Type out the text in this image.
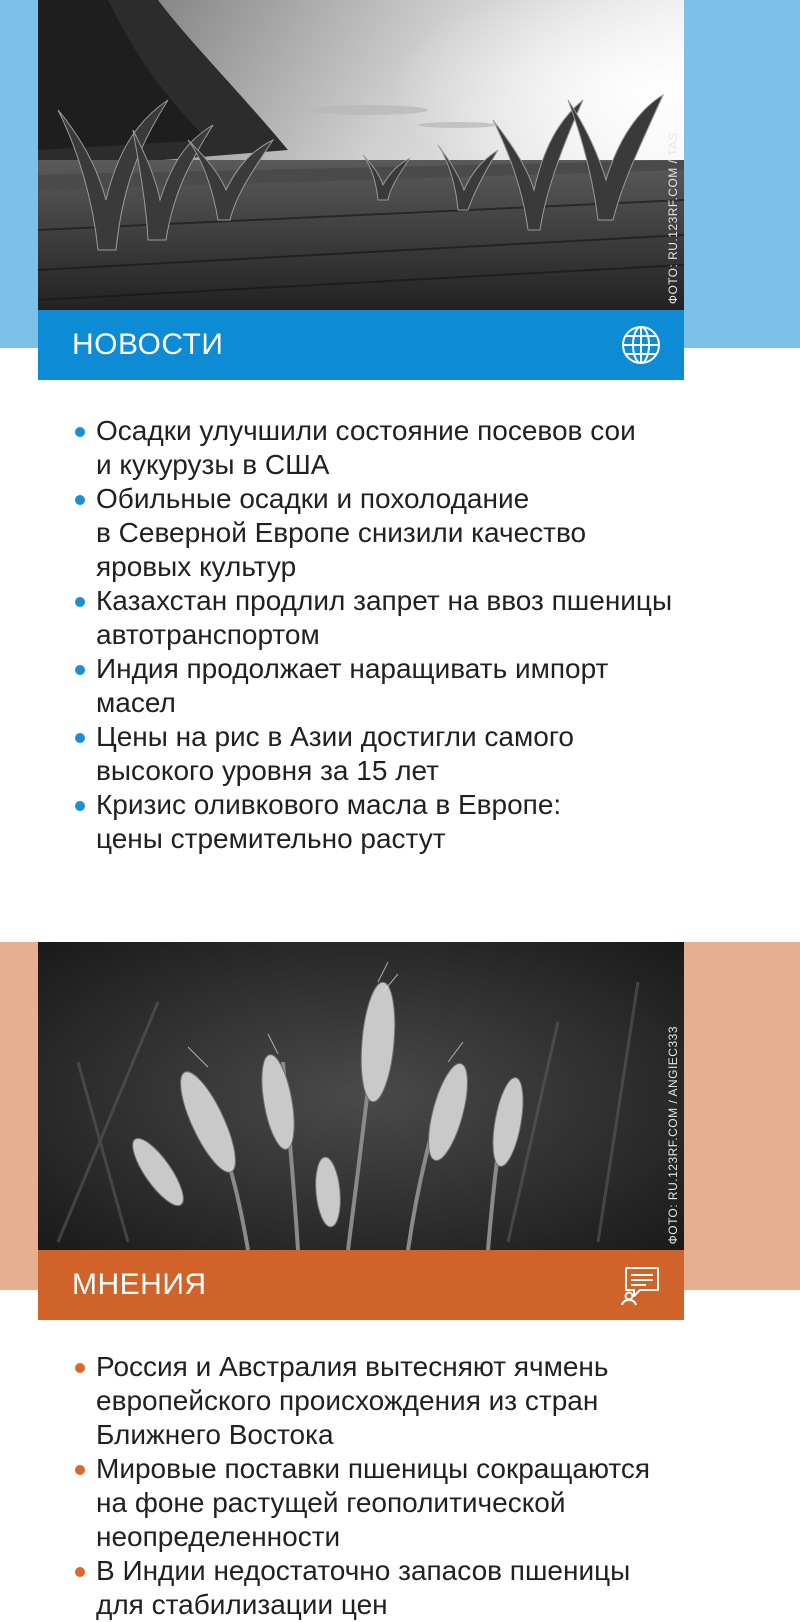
ФОТО: RU.123RF.COM / TAS
НОВОСТИ
Осадки улучшили состояние посевов сои
и кукурузы в США
Обильные осадки и похолодание
в Северной Европе снизили качество
яровых культур
Казахстан продлил запрет на ввоз пшеницы
автотранспортом
Индия продолжает наращивать импорт
масел
Цены на рис в Азии достигли самого
высокого уровня за 15 лет
Кризис оливкового масла в Европе:
цены стремительно растут
ФОТО: RU.123RF.COM / ANGIEC333
МНЕНИЯ
Россия и Австралия вытесняют ячмень
европейского происхождения из стран
Ближнего Востока
Мировые поставки пшеницы сокращаются
на фоне растущей геополитической
неопределенности
В Индии недостаточно запасов пшеницы
для стабилизации цен
